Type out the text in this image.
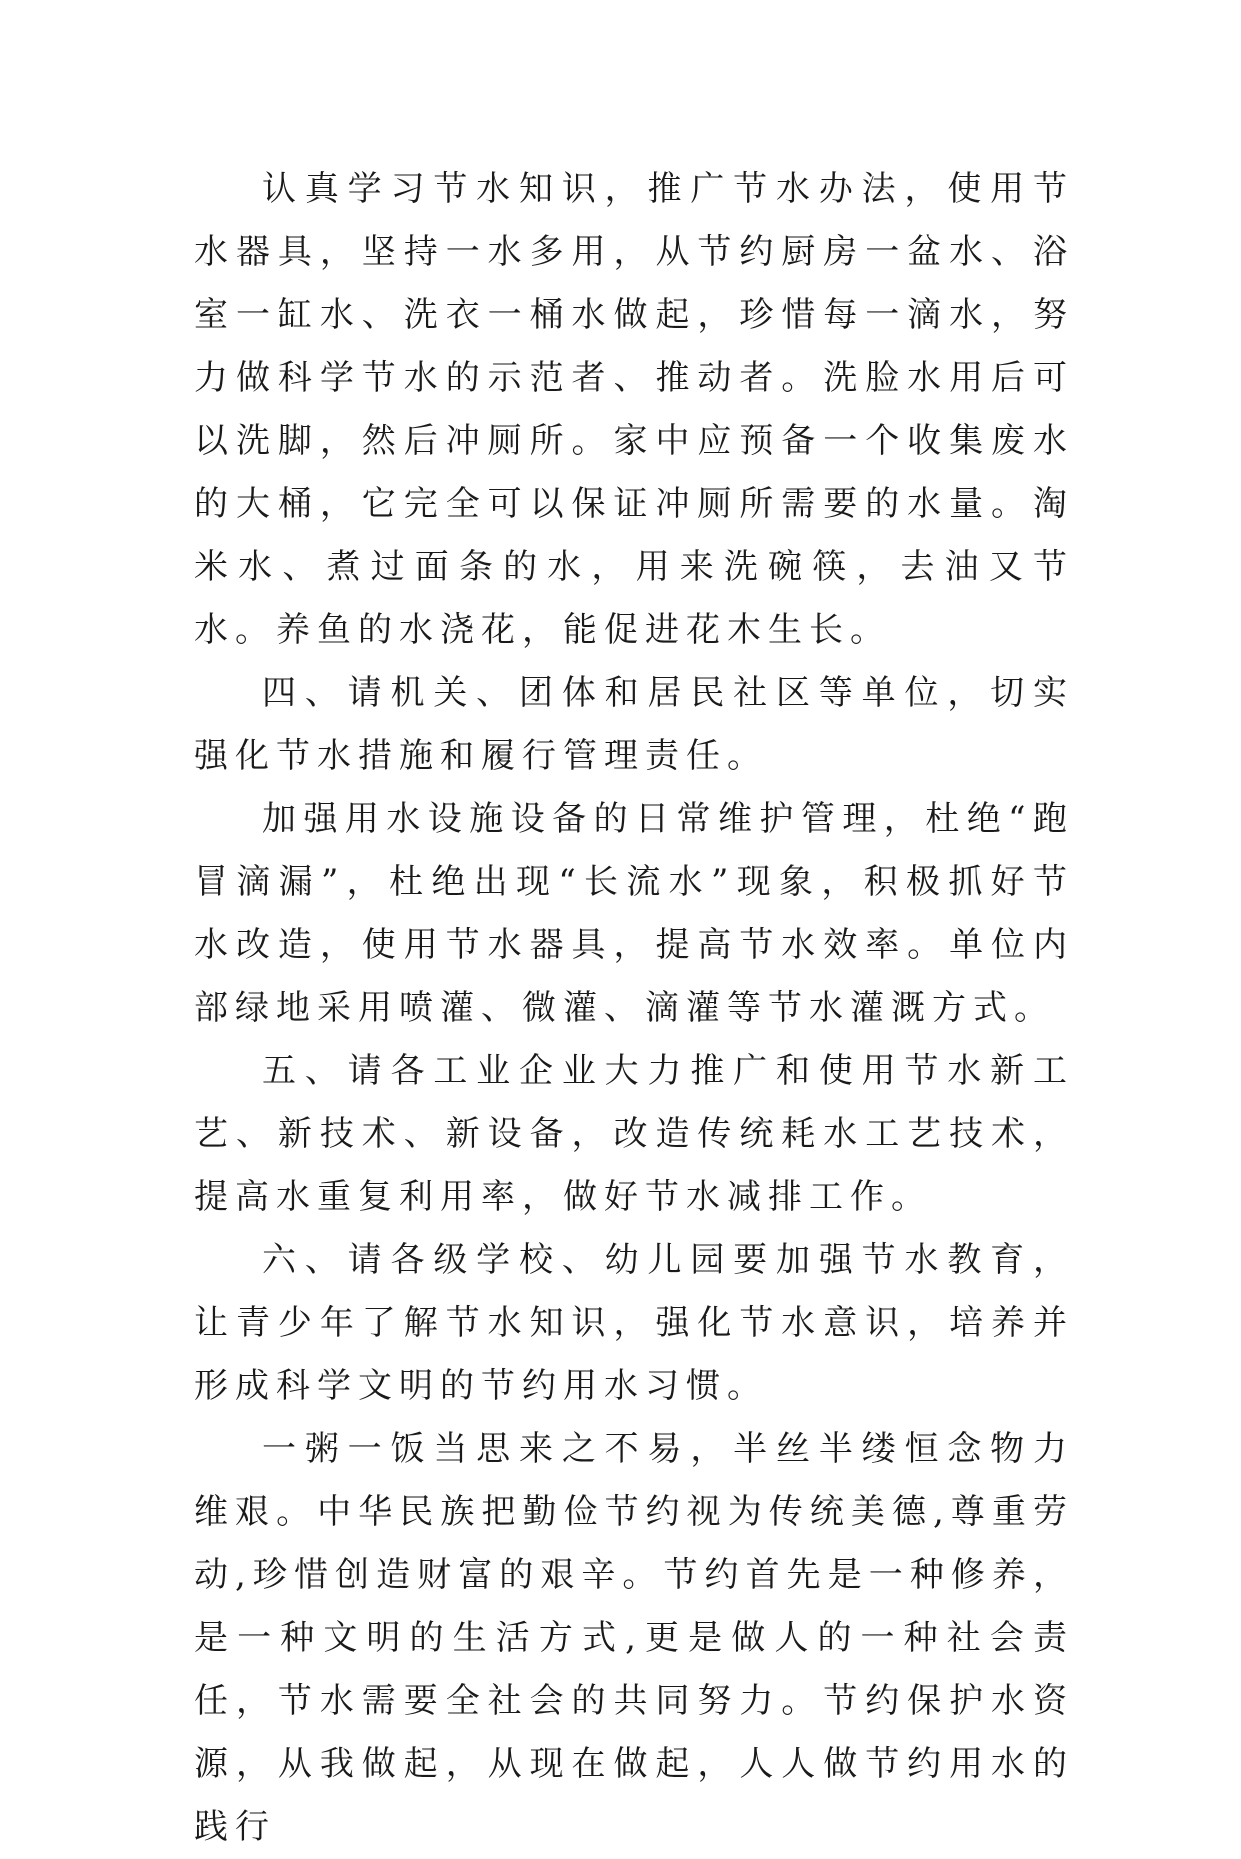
认真学习节水知识，推广节水办法，使用节水器具，坚持一水多用，从节约厨房一盆水、浴室一缸水、洗衣一桶水做起，珍惜每一滴水，努力做科学节水的示范者、推动者。洗脸水用后可以洗脚，然后冲厕所。家中应预备一个收集废水的大桶，它完全可以保证冲厕所需要的水量。淘米水、煮过面条的水，用来洗碗筷，去油又节水。养鱼的水浇花，能促进花木生长。

四、请机关、团体和居民社区等单位，切实强化节水措施和履行管理责任。

加强用水设施设备的日常维护管理，杜绝“跑冒滴漏”，杜绝出现“长流水”现象，积极抓好节水改造，使用节水器具，提高节水效率。单位内部绿地采用喷灌、微灌、滴灌等节水灌溉方式。

五、请各工业企业大力推广和使用节水新工艺、新技术、新设备，改造传统耗水工艺技术，提高水重复利用率，做好节水减排工作。

六、请各级学校、幼儿园要加强节水教育，让青少年了解节水知识，强化节水意识，培养并形成科学文明的节约用水习惯。

一粥一饭当思来之不易，半丝半缕恒念物力维艰。中华民族把勤俭节约视为传统美德,尊重劳动,珍惜创造财富的艰辛。节约首先是一种修养，是一种文明的生活方式,更是做人的一种社会责任，节水需要全社会的共同努力。节约保护水资源，从我做起，从现在做起，人人做节约用水的践行
